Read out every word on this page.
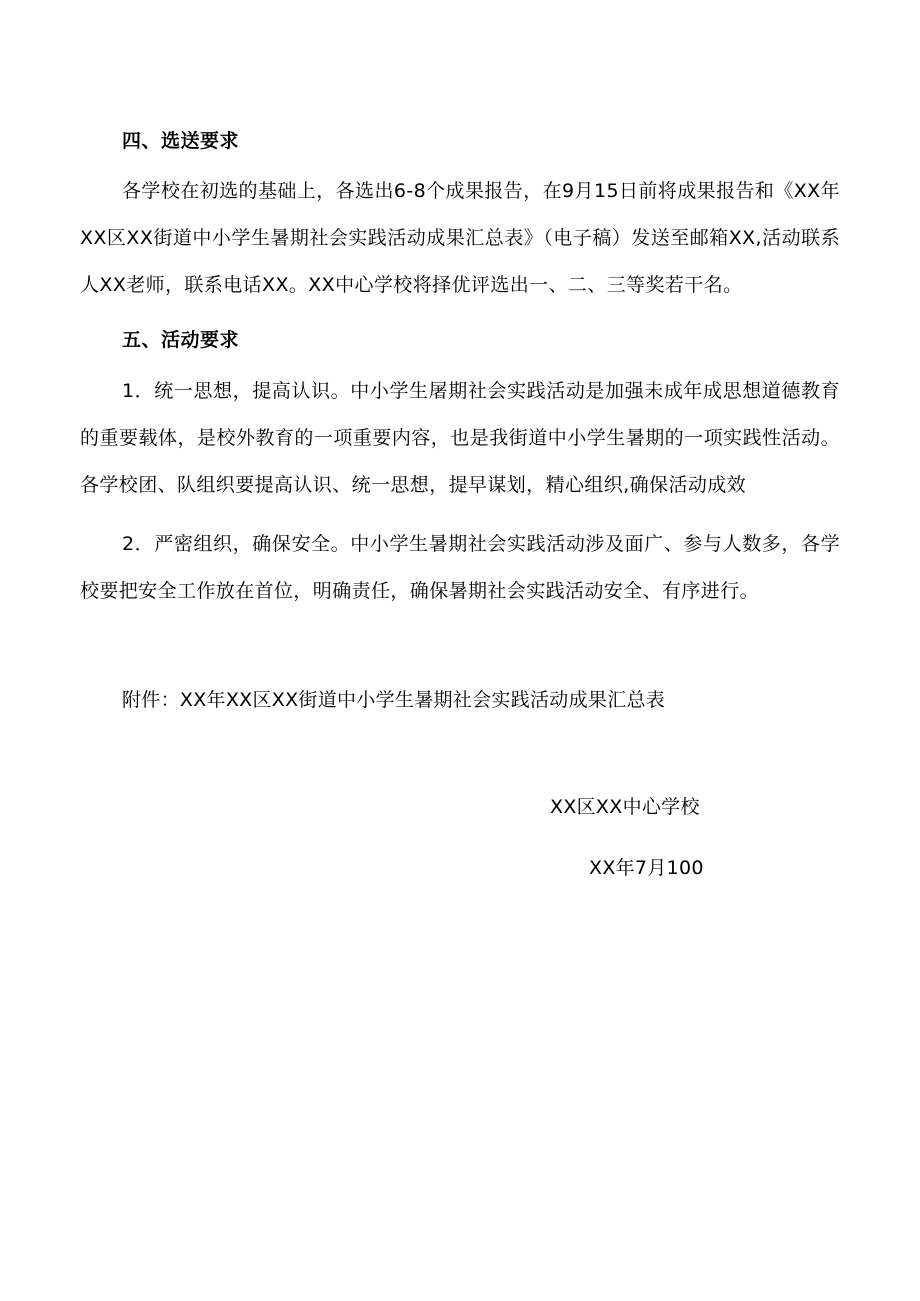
四、选送要求
各学校在初选的基础上，各选出6-8个成果报告，在9月15日前将成果报告和《XX年XX区XX街道中小学生暑期社会实践活动成果汇总表》（电子稿）发送至邮箱XX,活动联系人XX老师，联系电话XX。XX中心学校将择优评选出一、二、三等奖若干名。
五、活动要求
1．统一思想，提高认识。中小学生屠期社会实践活动是加强未成年成思想道德教育的重要载体，是校外教育的一项重要内容，也是我街道中小学生暑期的一项实践性活动。各学校团、队组织要提高认识、统一思想，提早谋划，精心组织,确保活动成效
2．严密组织，确保安全。中小学生暑期社会实践活动涉及面广、参与人数多，各学校要把安全工作放在首位，明确责任，确保暑期社会实践活动安全、有序进行。
附件：XX年XX区XX街道中小学生暑期社会实践活动成果汇总表
XX区XX中心学校
XX年7月100
